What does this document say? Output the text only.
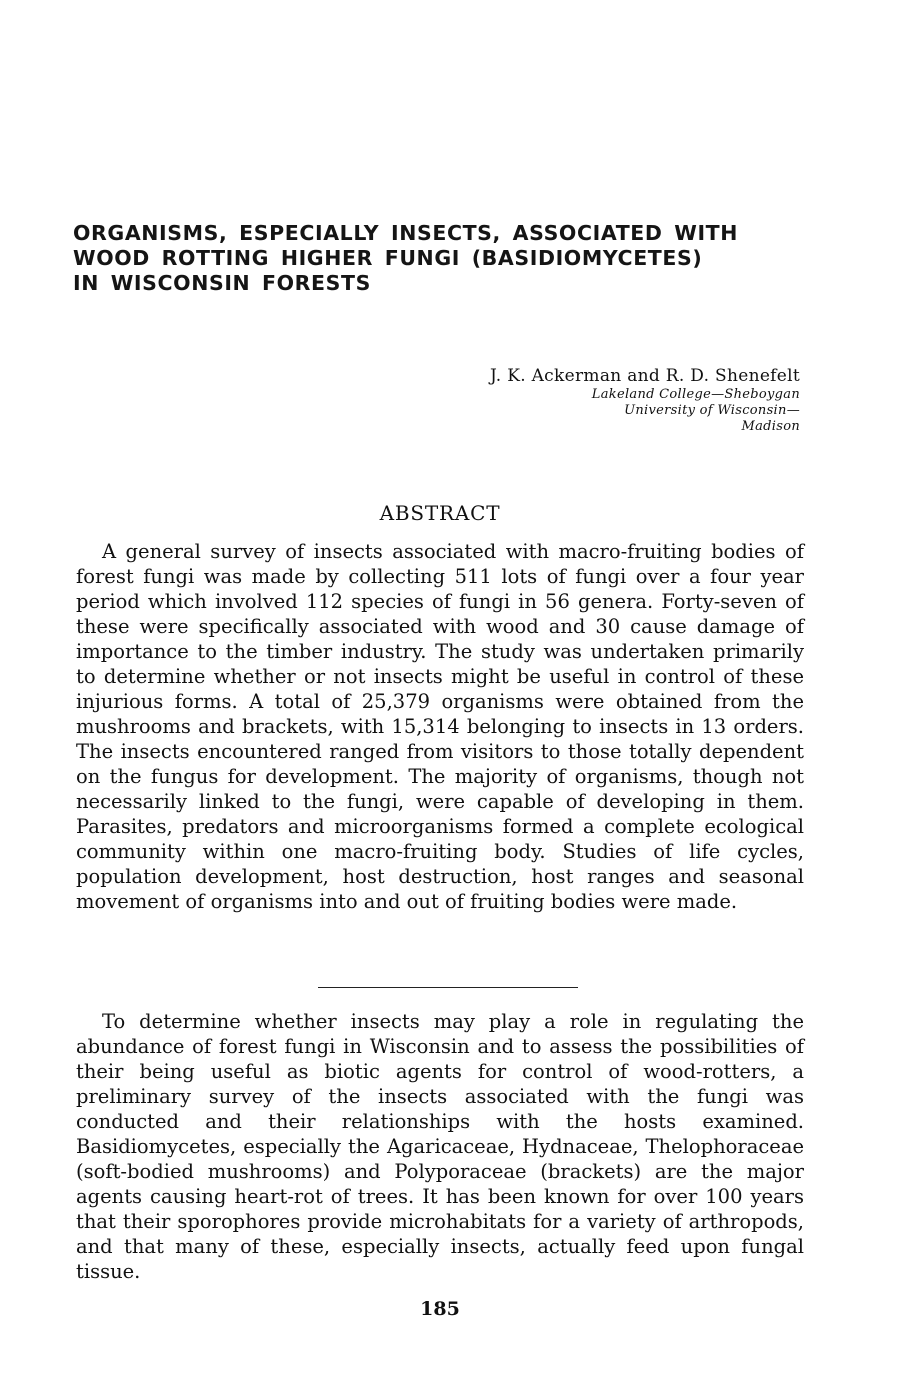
ORGANISMS, ESPECIALLY INSECTS, ASSOCIATED WITH
WOOD ROTTING HIGHER FUNGI (BASIDIOMYCETES)
IN WISCONSIN FORESTS
J. K. Ackerman and R. D. Shenefelt
Lakeland College—Sheboygan
University of Wisconsin—
Madison
ABSTRACT
A general survey of insects associated with macro-fruiting bodies of forest fungi was made by collecting 511 lots of fungi over a four year period which involved 112 species of fungi in 56 genera. Forty-seven of these were specifically associated with wood and 30 cause damage of importance to the timber industry. The study was undertaken primarily to determine whether or not insects might be useful in control of these injurious forms. A total of 25,379 organisms were obtained from the mushrooms and brackets, with 15,314 belonging to insects in 13 orders. The insects encountered ranged from visitors to those totally dependent on the fungus for development. The majority of organisms, though not necessarily linked to the fungi, were capable of developing in them. Parasites, predators and microorganisms formed a complete ecological community within one macro-fruiting body. Studies of life cycles, population development, host destruction, host ranges and seasonal movement of organisms into and out of fruiting bodies were made.
To determine whether insects may play a role in regulating the abundance of forest fungi in Wisconsin and to assess the possibilities of their being useful as biotic agents for control of wood-rotters, a preliminary survey of the insects associated with the fungi was conducted and their relationships with the hosts examined. Basidiomycetes, especially the Agaricaceae, Hydnaceae, Thelophoraceae (soft-bodied mushrooms) and Polyporaceae (brackets) are the major agents causing heart-rot of trees. It has been known for over 100 years that their sporophores provide microhabitats for a variety of arthropods, and that many of these, especially insects, actually feed upon fungal tissue.
185
